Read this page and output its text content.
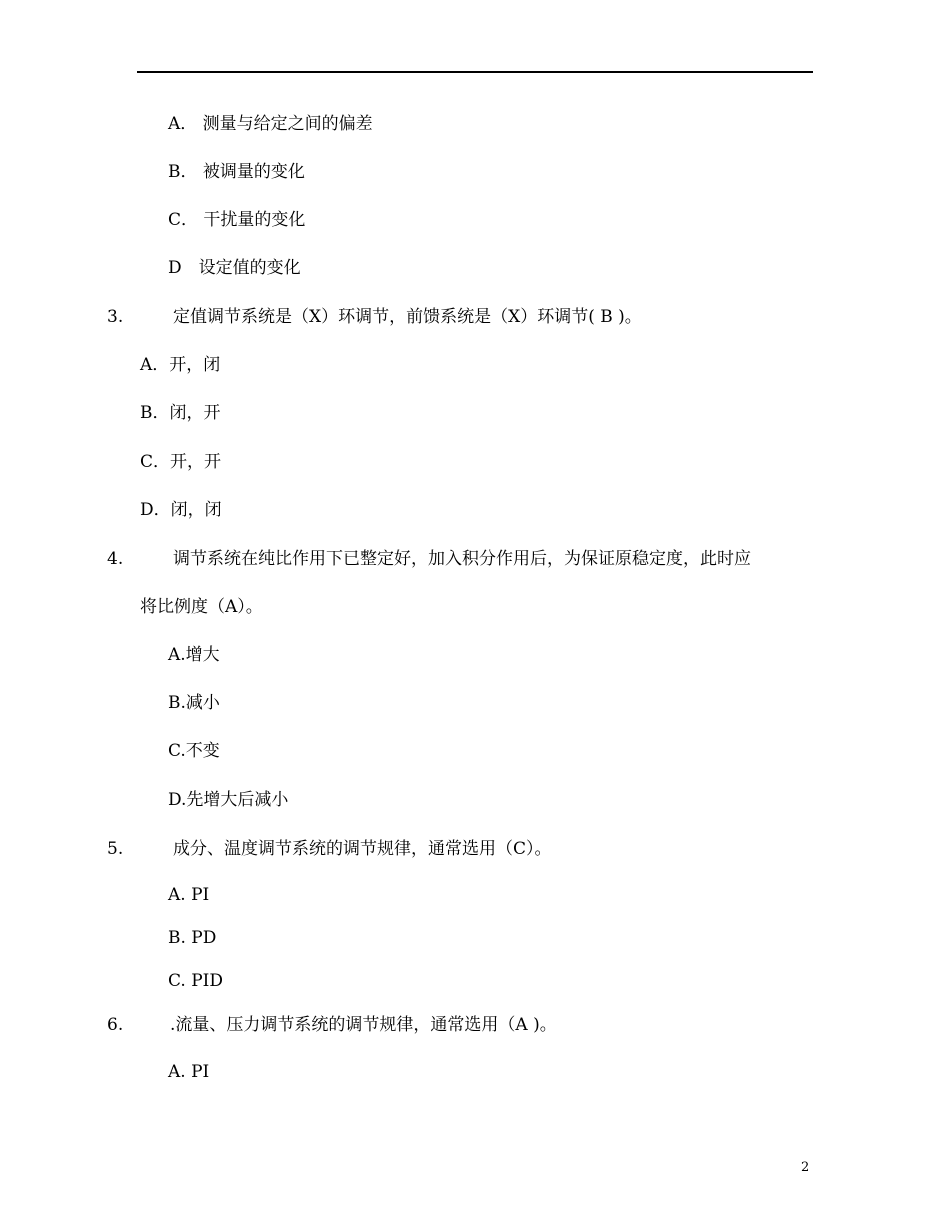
A． 测量与给定之间的偏差
B． 被调量的变化
C． 干扰量的变化
D　设定值的变化
3.	定值调节系统是（X）环调节，前馈系统是（X）环调节( B )。
A．开，闭
B．闭，开
C．开，开
D．闭，闭
4.	调节系统在纯比作用下已整定好，加入积分作用后，为保证原稳定度，此时应
将比例度（A）。
A.增大
B.减小
C.不变
D.先增大后减小
5.	成分、温度调节系统的调节规律，通常选用（C）。
A. PI
B. PD
C. PID
6.	.流量、压力调节系统的调节规律，通常选用（A )。
A. PI
2
